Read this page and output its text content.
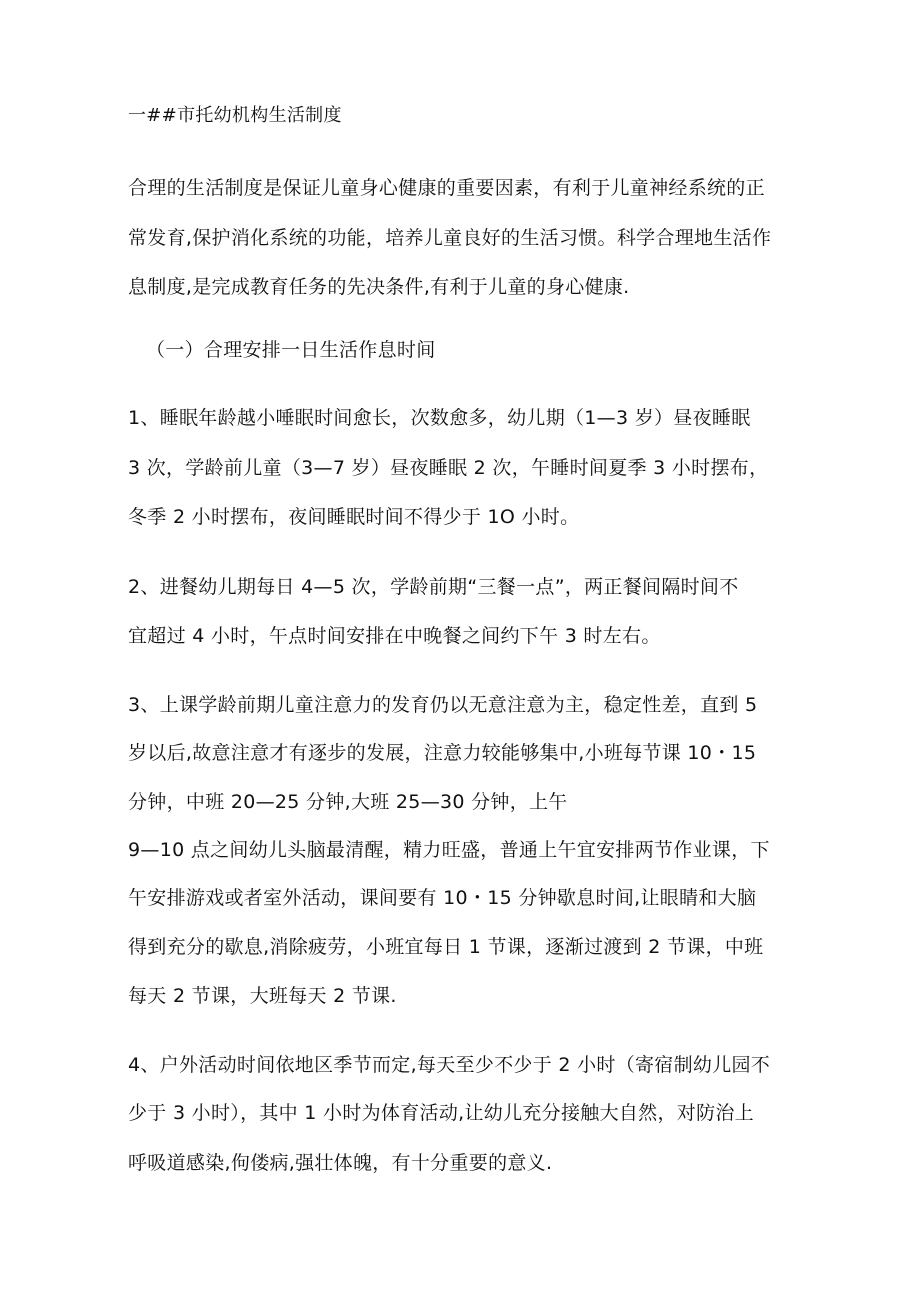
一##市托幼机构生活制度

合理的生活制度是保证儿童身心健康的重要因素，有利于儿童神经系统的正

常发育,保护消化系统的功能，培养儿童良好的生活习惯。科学合理地生活作

息制度,是完成教育任务的先决条件,有利于儿童的身心健康.

（一）合理安排一日生活作息时间

1、睡眠年龄越小唾眠时间愈长，次数愈多，幼儿期（1—3 岁）昼夜睡眠

3 次，学龄前儿童（3—7 岁）昼夜睡眠 2 次，午睡时间夏季 3 小时摆布，

冬季 2 小时摆布，夜间睡眠时间不得少于 1O 小时。

2、进餐幼儿期每日 4—5 次，学龄前期“三餐一点”，两正餐间隔时间不

宜超过 4 小时，午点时间安排在中晚餐之间约下午 3 时左右。

3、上课学龄前期儿童注意力的发育仍以无意注意为主，稳定性差，直到 5

岁以后,故意注意才有逐步的发展，注意力较能够集中,小班每节课 10・15

分钟，中班 20—25 分钟,大班 25—30 分钟，上午

9—10 点之间幼儿头脑最清醒，精力旺盛，普通上午宜安排两节作业课，下

午安排游戏或者室外活动，课间要有 10・15 分钟歇息时间,让眼睛和大脑

得到充分的歇息,消除疲劳，小班宜每日 1 节课，逐渐过渡到 2 节课，中班

每天 2 节课，大班每天 2 节课.

4、户外活动时间依地区季节而定,每天至少不少于 2 小时（寄宿制幼儿园不

少于 3 小时），其中 1 小时为体育活动,让幼儿充分接触大自然，对防治上

呼吸道感染,佝偻病,强壮体魄，有十分重要的意义.
